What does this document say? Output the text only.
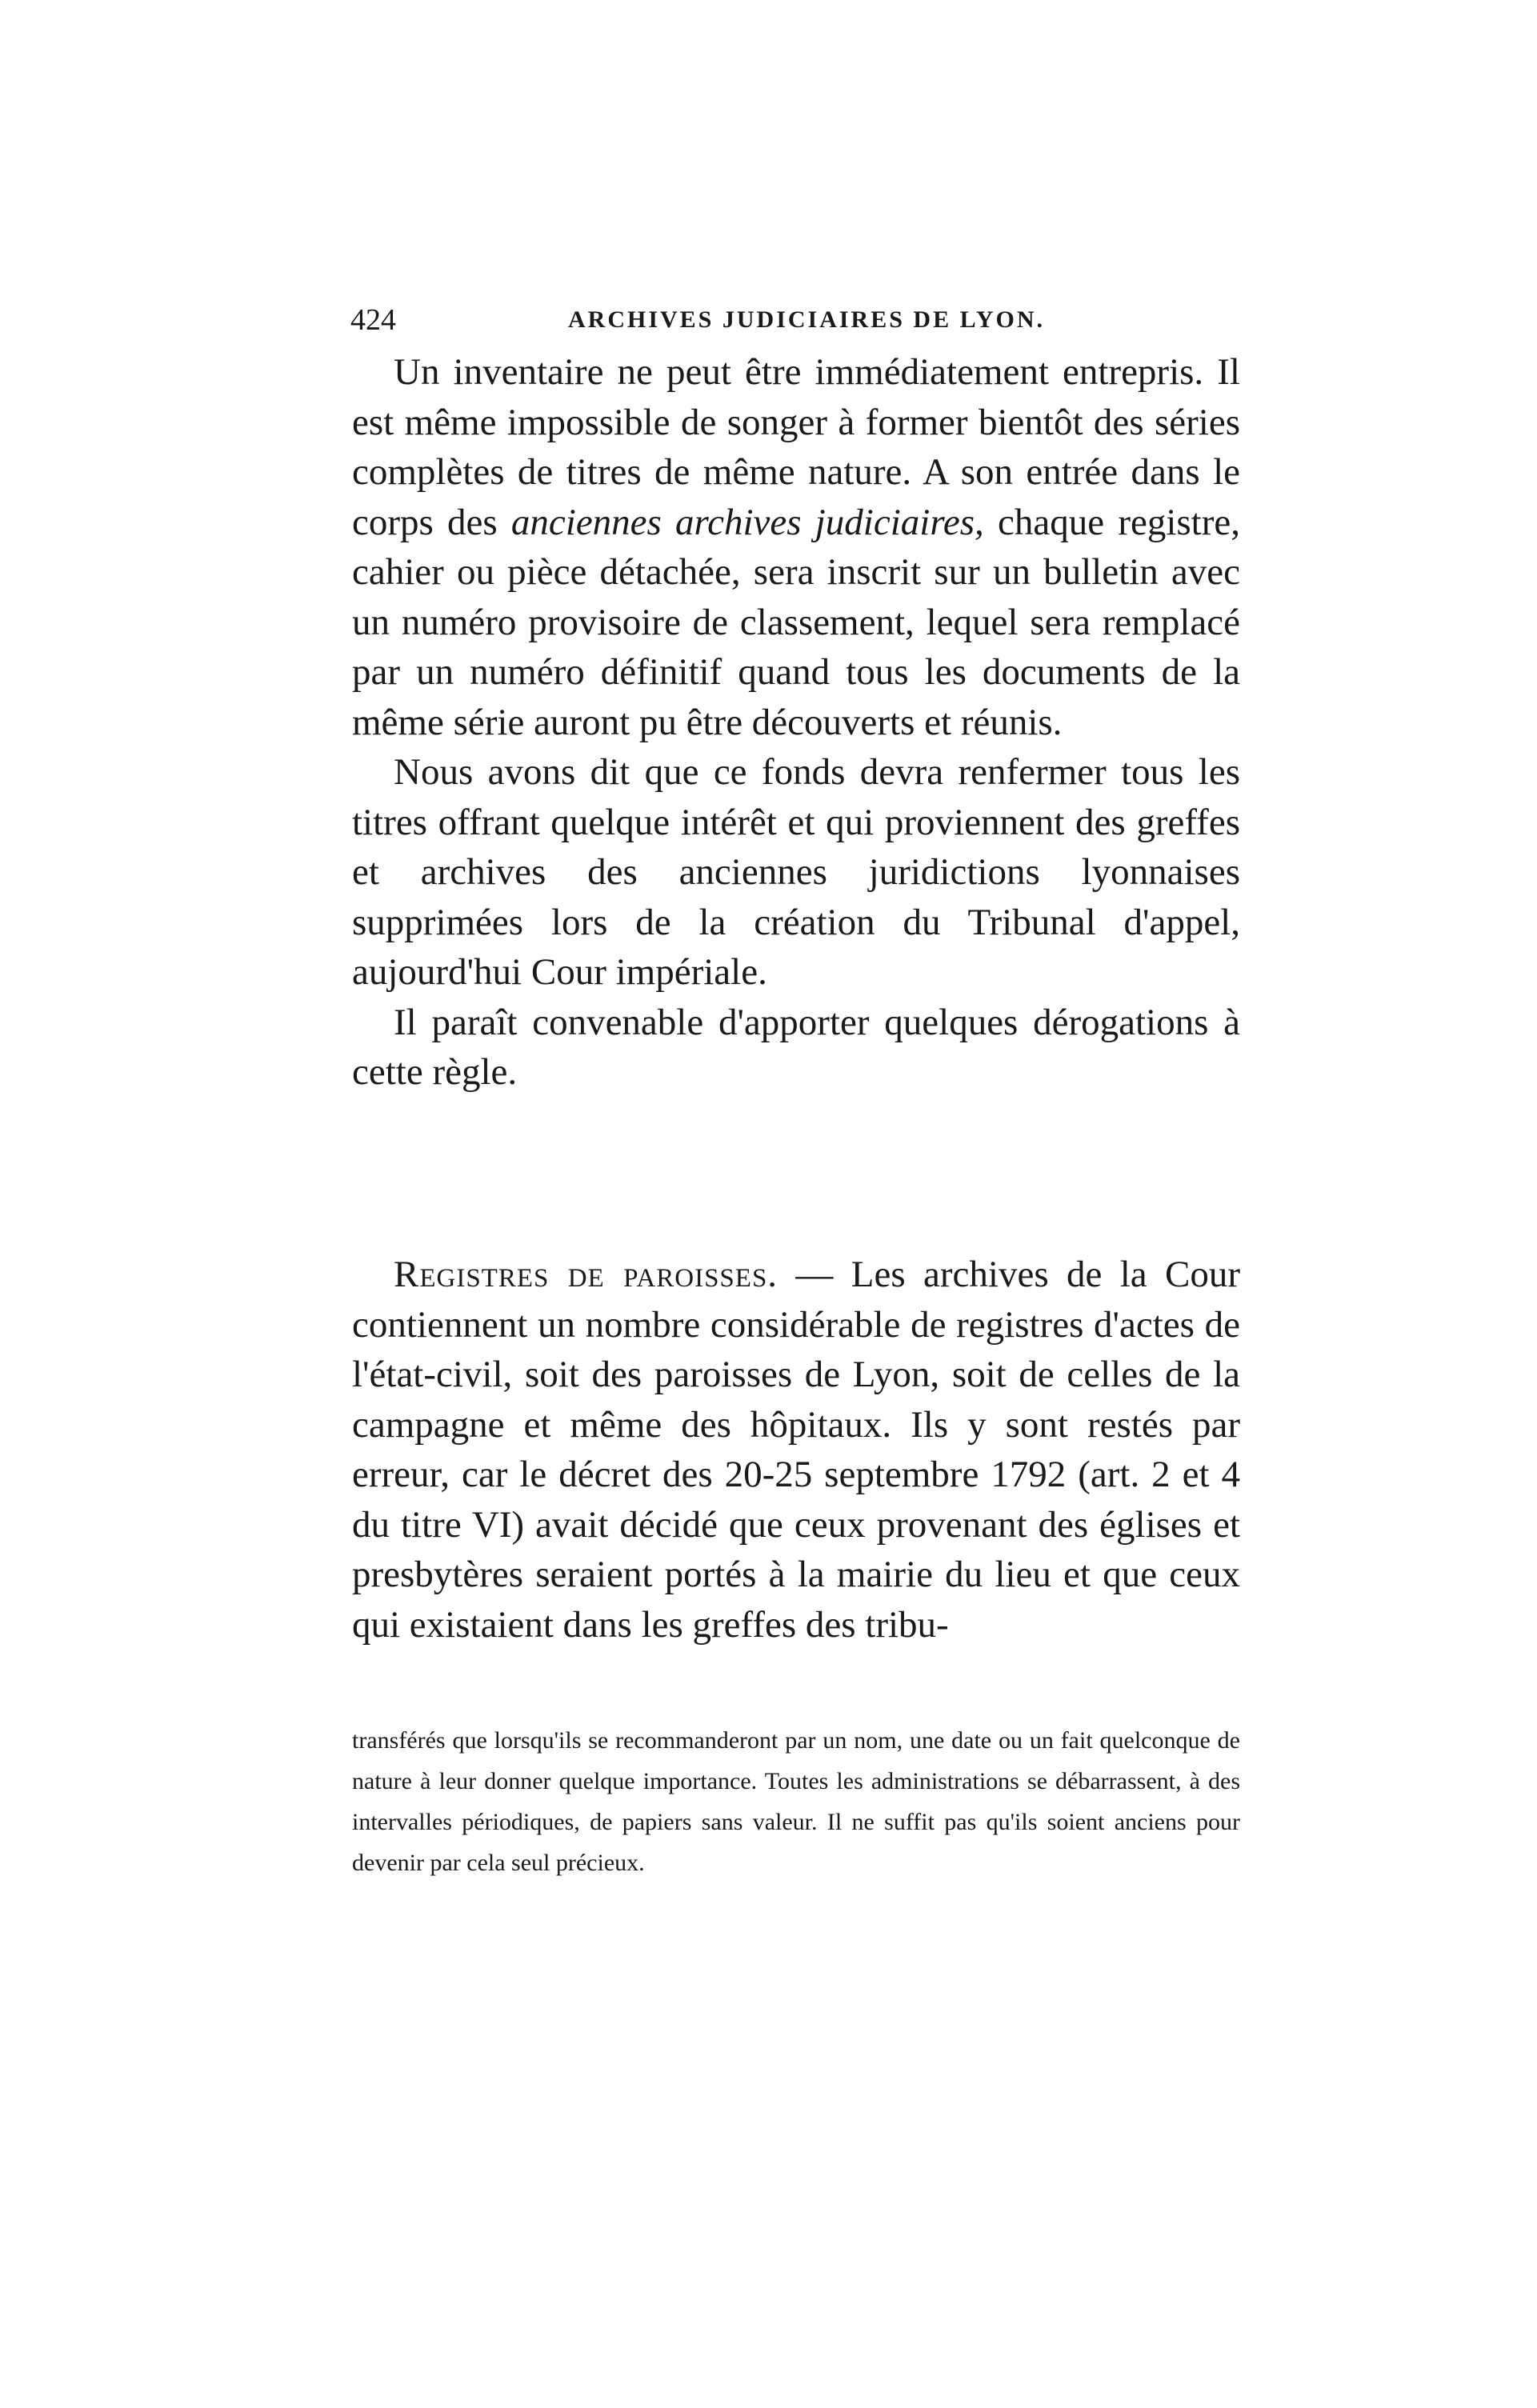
424	ARCHIVES JUDICIAIRES DE LYON.

Un inventaire ne peut être immédiatement entrepris. Il est même impossible de songer à former bientôt des séries complètes de titres de même nature. A son entrée dans le corps des anciennes archives judiciaires, chaque registre, cahier ou pièce détachée, sera inscrit sur un bulletin avec un numéro provisoire de classement, lequel sera remplacé par un numéro définitif quand tous les documents de la même série auront pu être découverts et réunis.

Nous avons dit que ce fonds devra renfermer tous les titres offrant quelque intérêt et qui proviennent des greffes et archives des anciennes juridictions lyonnaises supprimées lors de la création du Tribunal d'appel, aujourd'hui Cour impériale.

Il paraît convenable d'apporter quelques dérogations à cette règle.

Registres de paroisses. — Les archives de la Cour contiennent un nombre considérable de registres d'actes de l'état-civil, soit des paroisses de Lyon, soit de celles de la campagne et même des hôpitaux. Ils y sont restés par erreur, car le décret des 20-25 septembre 1792 (art. 2 et 4 du titre VI) avait décidé que ceux provenant des églises et presbytères seraient portés à la mairie du lieu et que ceux qui existaient dans les greffes des tribu-

transférés que lorsqu'ils se recommanderont par un nom, une date ou un fait quelconque de nature à leur donner quelque importance. Toutes les administrations se débarrassent, à des intervalles périodiques, de papiers sans valeur. Il ne suffit pas qu'ils soient anciens pour devenir par cela seul précieux.
